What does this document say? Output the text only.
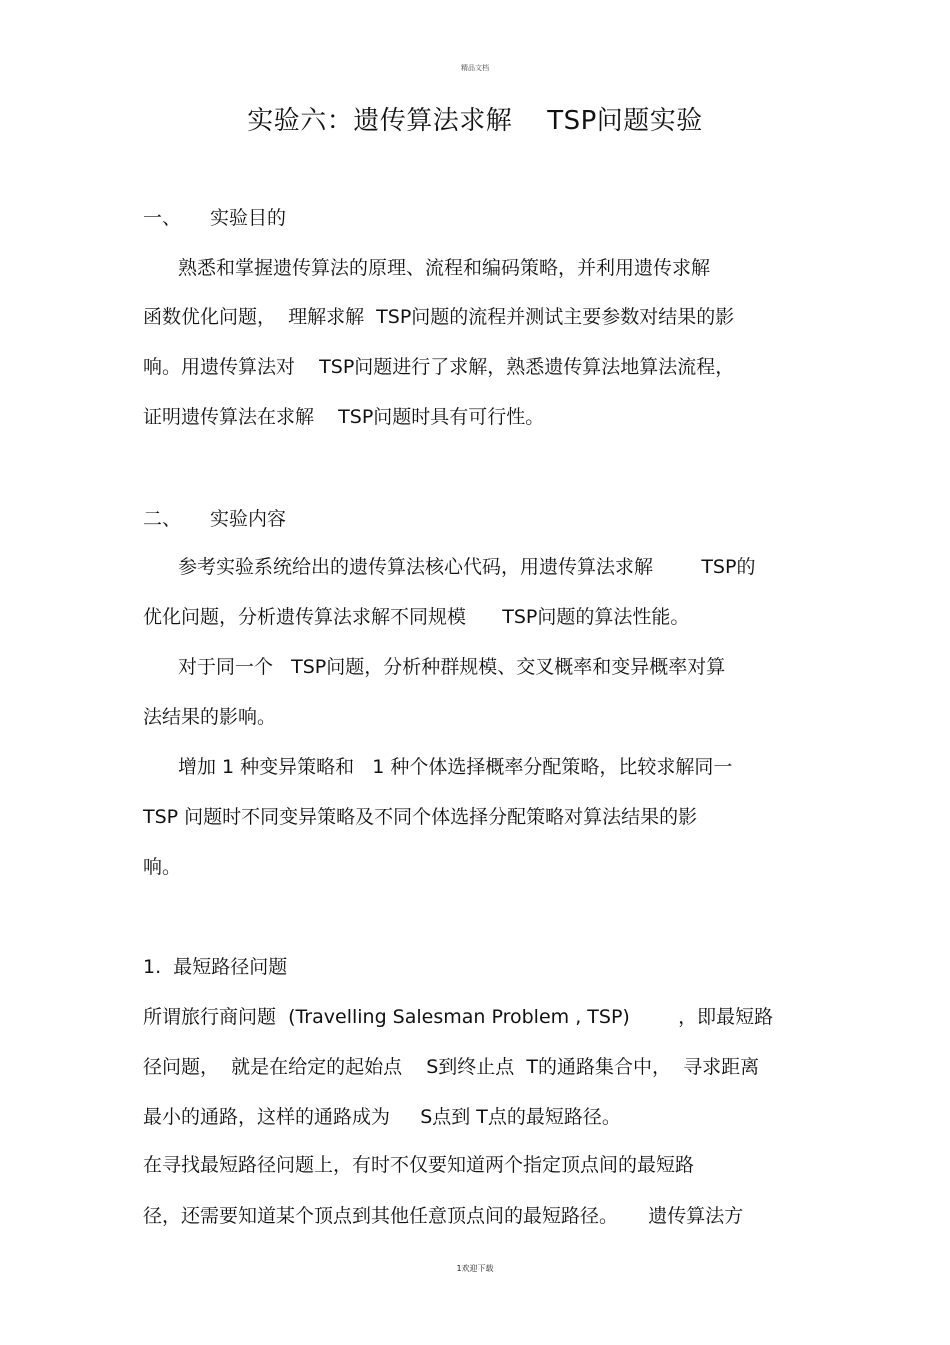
精品文档
实验六：遗传算法求解    TSP问题实验
一、 实验目的
熟悉和掌握遗传算法的原理、流程和编码策略，并利用遗传求解
函数优化问题，  理解求解  TSP问题的流程并测试主要参数对结果的影
响。用遗传算法对    TSP问题进行了求解，熟悉遗传算法地算法流程，
证明遗传算法在求解    TSP问题时具有可行性。
二、 实验内容
参考实验系统给出的遗传算法核心代码，用遗传算法求解        TSP的
优化问题，分析遗传算法求解不同规模      TSP问题的算法性能。
对于同一个   TSP问题，分析种群规模、交叉概率和变异概率对算
法结果的影响。
增加 1 种变异策略和   1 种个体选择概率分配策略，比较求解同一
TSP 问题时不同变异策略及不同个体选择分配策略对算法结果的影
响。
1.  最短路径问题
所谓旅行商问题  (Travelling Salesman Problem , TSP)        ，即最短路
径问题，  就是在给定的起始点    S到终止点  T的通路集合中，  寻求距离
最小的通路，这样的通路成为     S点到 T点的最短路径。
在寻找最短路径问题上，有时不仅要知道两个指定顶点间的最短路
径，还需要知道某个顶点到其他任意顶点间的最短路径。     遗传算法方
1欢迎下载
